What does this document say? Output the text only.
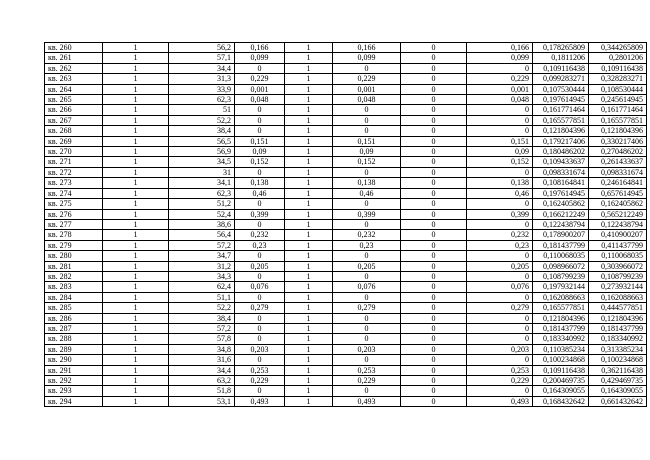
кв. 260	1	56,2	0,166	1	0,166	0	0,166	0,178265809	0,344265809
кв. 261	1	57,1	0,099	1	0,099	0	0,099	0,1811206	0,2801206
кв. 262	1	34,4	0	1	0	0	0	0,109116438	0,109116438
кв. 263	1	31,3	0,229	1	0,229	0	0,229	0,099283271	0,328283271
кв. 264	1	33,9	0,001	1	0,001	0	0,001	0,107530444	0,108530444
кв. 265	1	62,3	0,048	1	0,048	0	0,048	0,197614945	0,245614945
кв. 266	1	51	0	1	0	0	0	0,161771464	0,161771464
кв. 267	1	52,2	0	1	0	0	0	0,165577851	0,165577851
кв. 268	1	38,4	0	1	0	0	0	0,121804396	0,121804396
кв. 269	1	56,5	0,151	1	0,151	0	0,151	0,179217406	0,330217406
кв. 270	1	56,9	0,09	1	0,09	0	0,09	0,180486202	0,270486202
кв. 271	1	34,5	0,152	1	0,152	0	0,152	0,109433637	0,261433637
кв. 272	1	31	0	1	0	0	0	0,098331674	0,098331674
кв. 273	1	34,1	0,138	1	0,138	0	0,138	0,108164841	0,246164841
кв. 274	1	62,3	0,46	1	0,46	0	0,46	0,197614945	0,657614945
кв. 275	1	51,2	0	1	0	0	0	0,162405862	0,162405862
кв. 276	1	52,4	0,399	1	0,399	0	0,399	0,166212249	0,565212249
кв. 277	1	38,6	0	1	0	0	0	0,122438794	0,122438794
кв. 278	1	56,4	0,232	1	0,232	0	0,232	0,178900207	0,410900207
кв. 279	1	57,2	0,23	1	0,23	0	0,23	0,181437799	0,411437799
кв. 280	1	34,7	0	1	0	0	0	0,110068035	0,110068035
кв. 281	1	31,2	0,205	1	0,205	0	0,205	0,098966072	0,303966072
кв. 282	1	34,3	0	1	0	0	0	0,108799239	0,108799239
кв. 283	1	62,4	0,076	1	0,076	0	0,076	0,197932144	0,273932144
кв. 284	1	51,1	0	1	0	0	0	0,162088663	0,162088663
кв. 285	1	52,2	0,279	1	0,279	0	0,279	0,165577851	0,444577851
кв. 286	1	38,4	0	1	0	0	0	0,121804396	0,121804396
кв. 287	1	57,2	0	1	0	0	0	0,181437799	0,181437799
кв. 288	1	57,8	0	1	0	0	0	0,183340992	0,183340992
кв. 289	1	34,8	0,203	1	0,203	0	0,203	0,110385234	0,313385234
кв. 290	1	31,6	0	1	0	0	0	0,100234868	0,100234868
кв. 291	1	34,4	0,253	1	0,253	0	0,253	0,109116438	0,362116438
кв. 292	1	63,2	0,229	1	0,229	0	0,229	0,200469735	0,429469735
кв. 293	1	51,8	0	1	0	0	0	0,164309055	0,164309055
кв. 294	1	53,1	0,493	1	0,493	0	0,493	0,168432642	0,661432642
